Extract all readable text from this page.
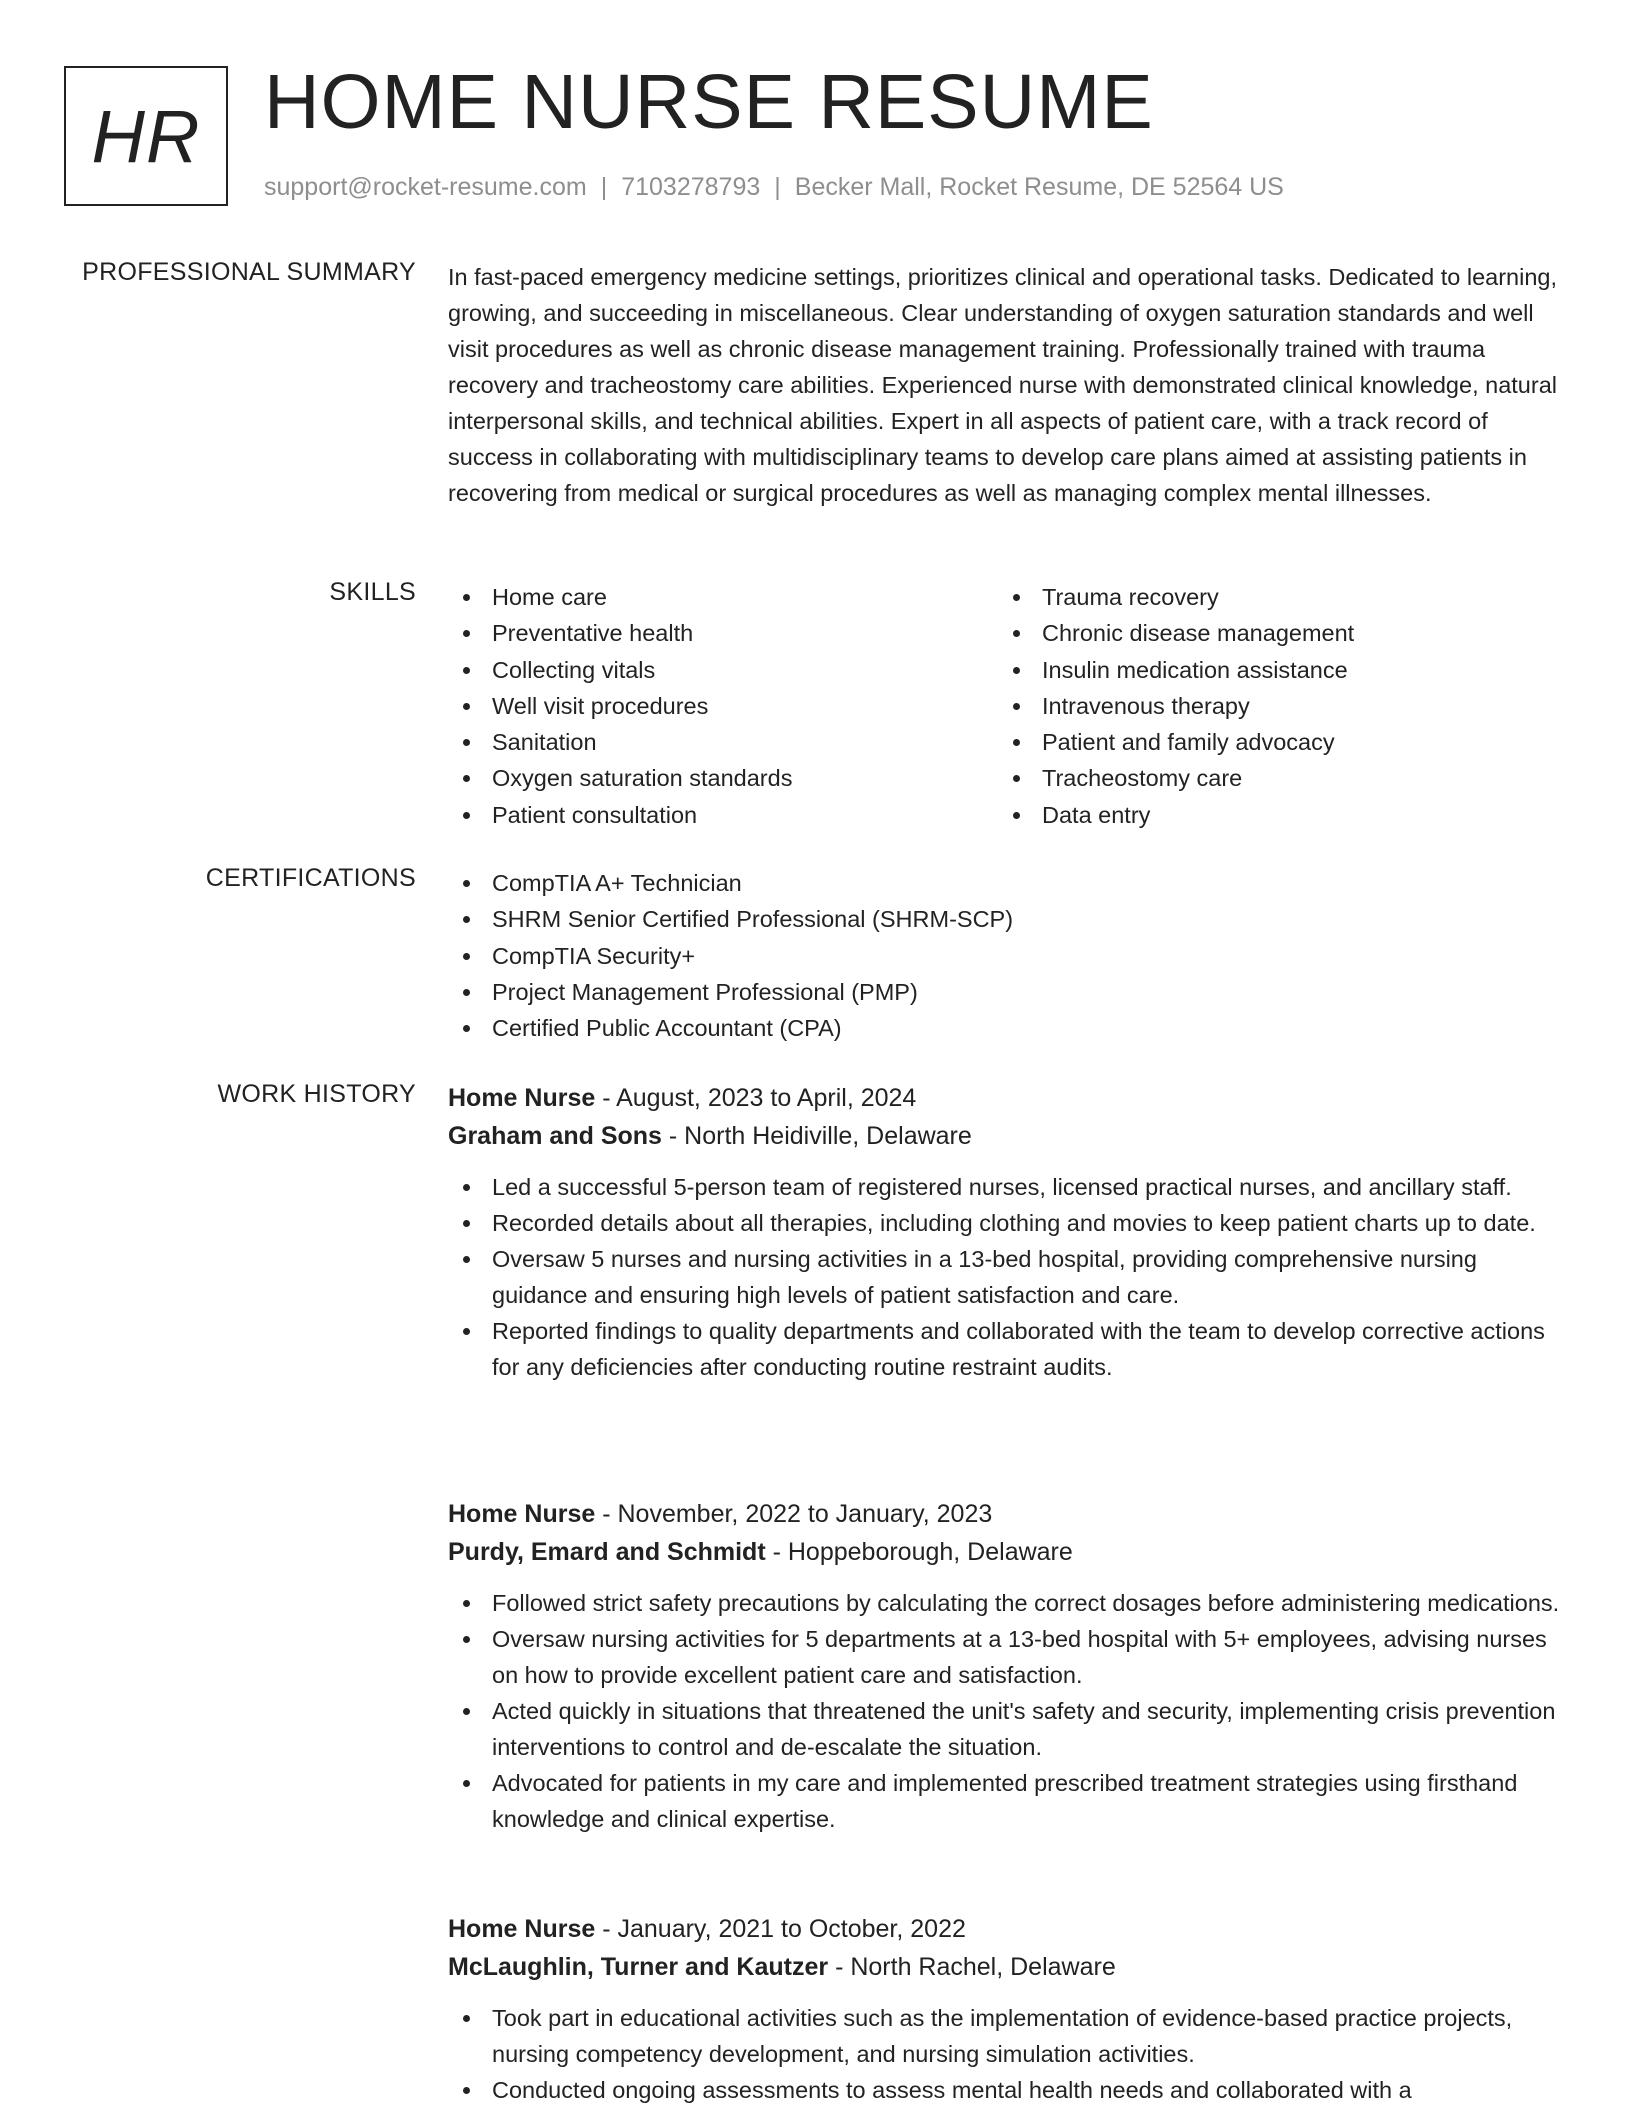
HR HOME NURSE RESUME
support@rocket-resume.com | 7103278793 | Becker Mall, Rocket Resume, DE 52564 US
PROFESSIONAL SUMMARY In fast-paced emergency medicine settings, prioritizes clinical and operational tasks. Dedicated to learning, growing, and succeeding in miscellaneous. Clear understanding of oxygen saturation standards and well visit procedures as well as chronic disease management training. Professionally trained with trauma recovery and tracheostomy care abilities. Experienced nurse with demonstrated clinical knowledge, natural interpersonal skills, and technical abilities. Expert in all aspects of patient care, with a track record of success in collaborating with multidisciplinary teams to develop care plans aimed at assisting patients in recovering from medical or surgical procedures as well as managing complex mental illnesses.

SKILLS	Home care
Preventative health
Collecting vitals
Well visit procedures
Sanitation
Oxygen saturation standards
Patient consultation
Trauma recovery
Chronic disease management
Insulin medication assistance
Intravenous therapy
Patient and family advocacy
Tracheostomy care
Data entry
CERTIFICATIONS	CompTIA A+ Technician
SHRM Senior Certified Professional (SHRM-SCP)
CompTIA Security+
Project Management Professional (PMP)
Certified Public Accountant (CPA)
WORK HISTORY Home Nurse - August, 2023 to April, 2024
Graham and Sons - North Heidiville, Delaware
Led a successful 5-person team of registered nurses, licensed practical nurses, and ancillary staff.
Recorded details about all therapies, including clothing and movies to keep patient charts up to date.
Oversaw 5 nurses and nursing activities in a 13-bed hospital, providing comprehensive nursing guidance and ensuring high levels of patient satisfaction and care.
Reported findings to quality departments and collaborated with the team to develop corrective actions for any deficiencies after conducting routine restraint audits.
Home Nurse - November, 2022 to January, 2023
Purdy, Emard and Schmidt - Hoppeborough, Delaware
Followed strict safety precautions by calculating the correct dosages before administering medications.
Oversaw nursing activities for 5 departments at a 13-bed hospital with 5+ employees, advising nurses on how to provide excellent patient care and satisfaction.
Acted quickly in situations that threatened the unit's safety and security, implementing crisis prevention interventions to control and de-escalate the situation.
Advocated for patients in my care and implemented prescribed treatment strategies using firsthand knowledge and clinical expertise.
Home Nurse - January, 2021 to October, 2022
McLaughlin, Turner and Kautzer - North Rachel, Delaware
Took part in educational activities such as the implementation of evidence-based practice projects, nursing competency development, and nursing simulation activities.
Conducted ongoing assessments to assess mental health needs and collaborated with a
